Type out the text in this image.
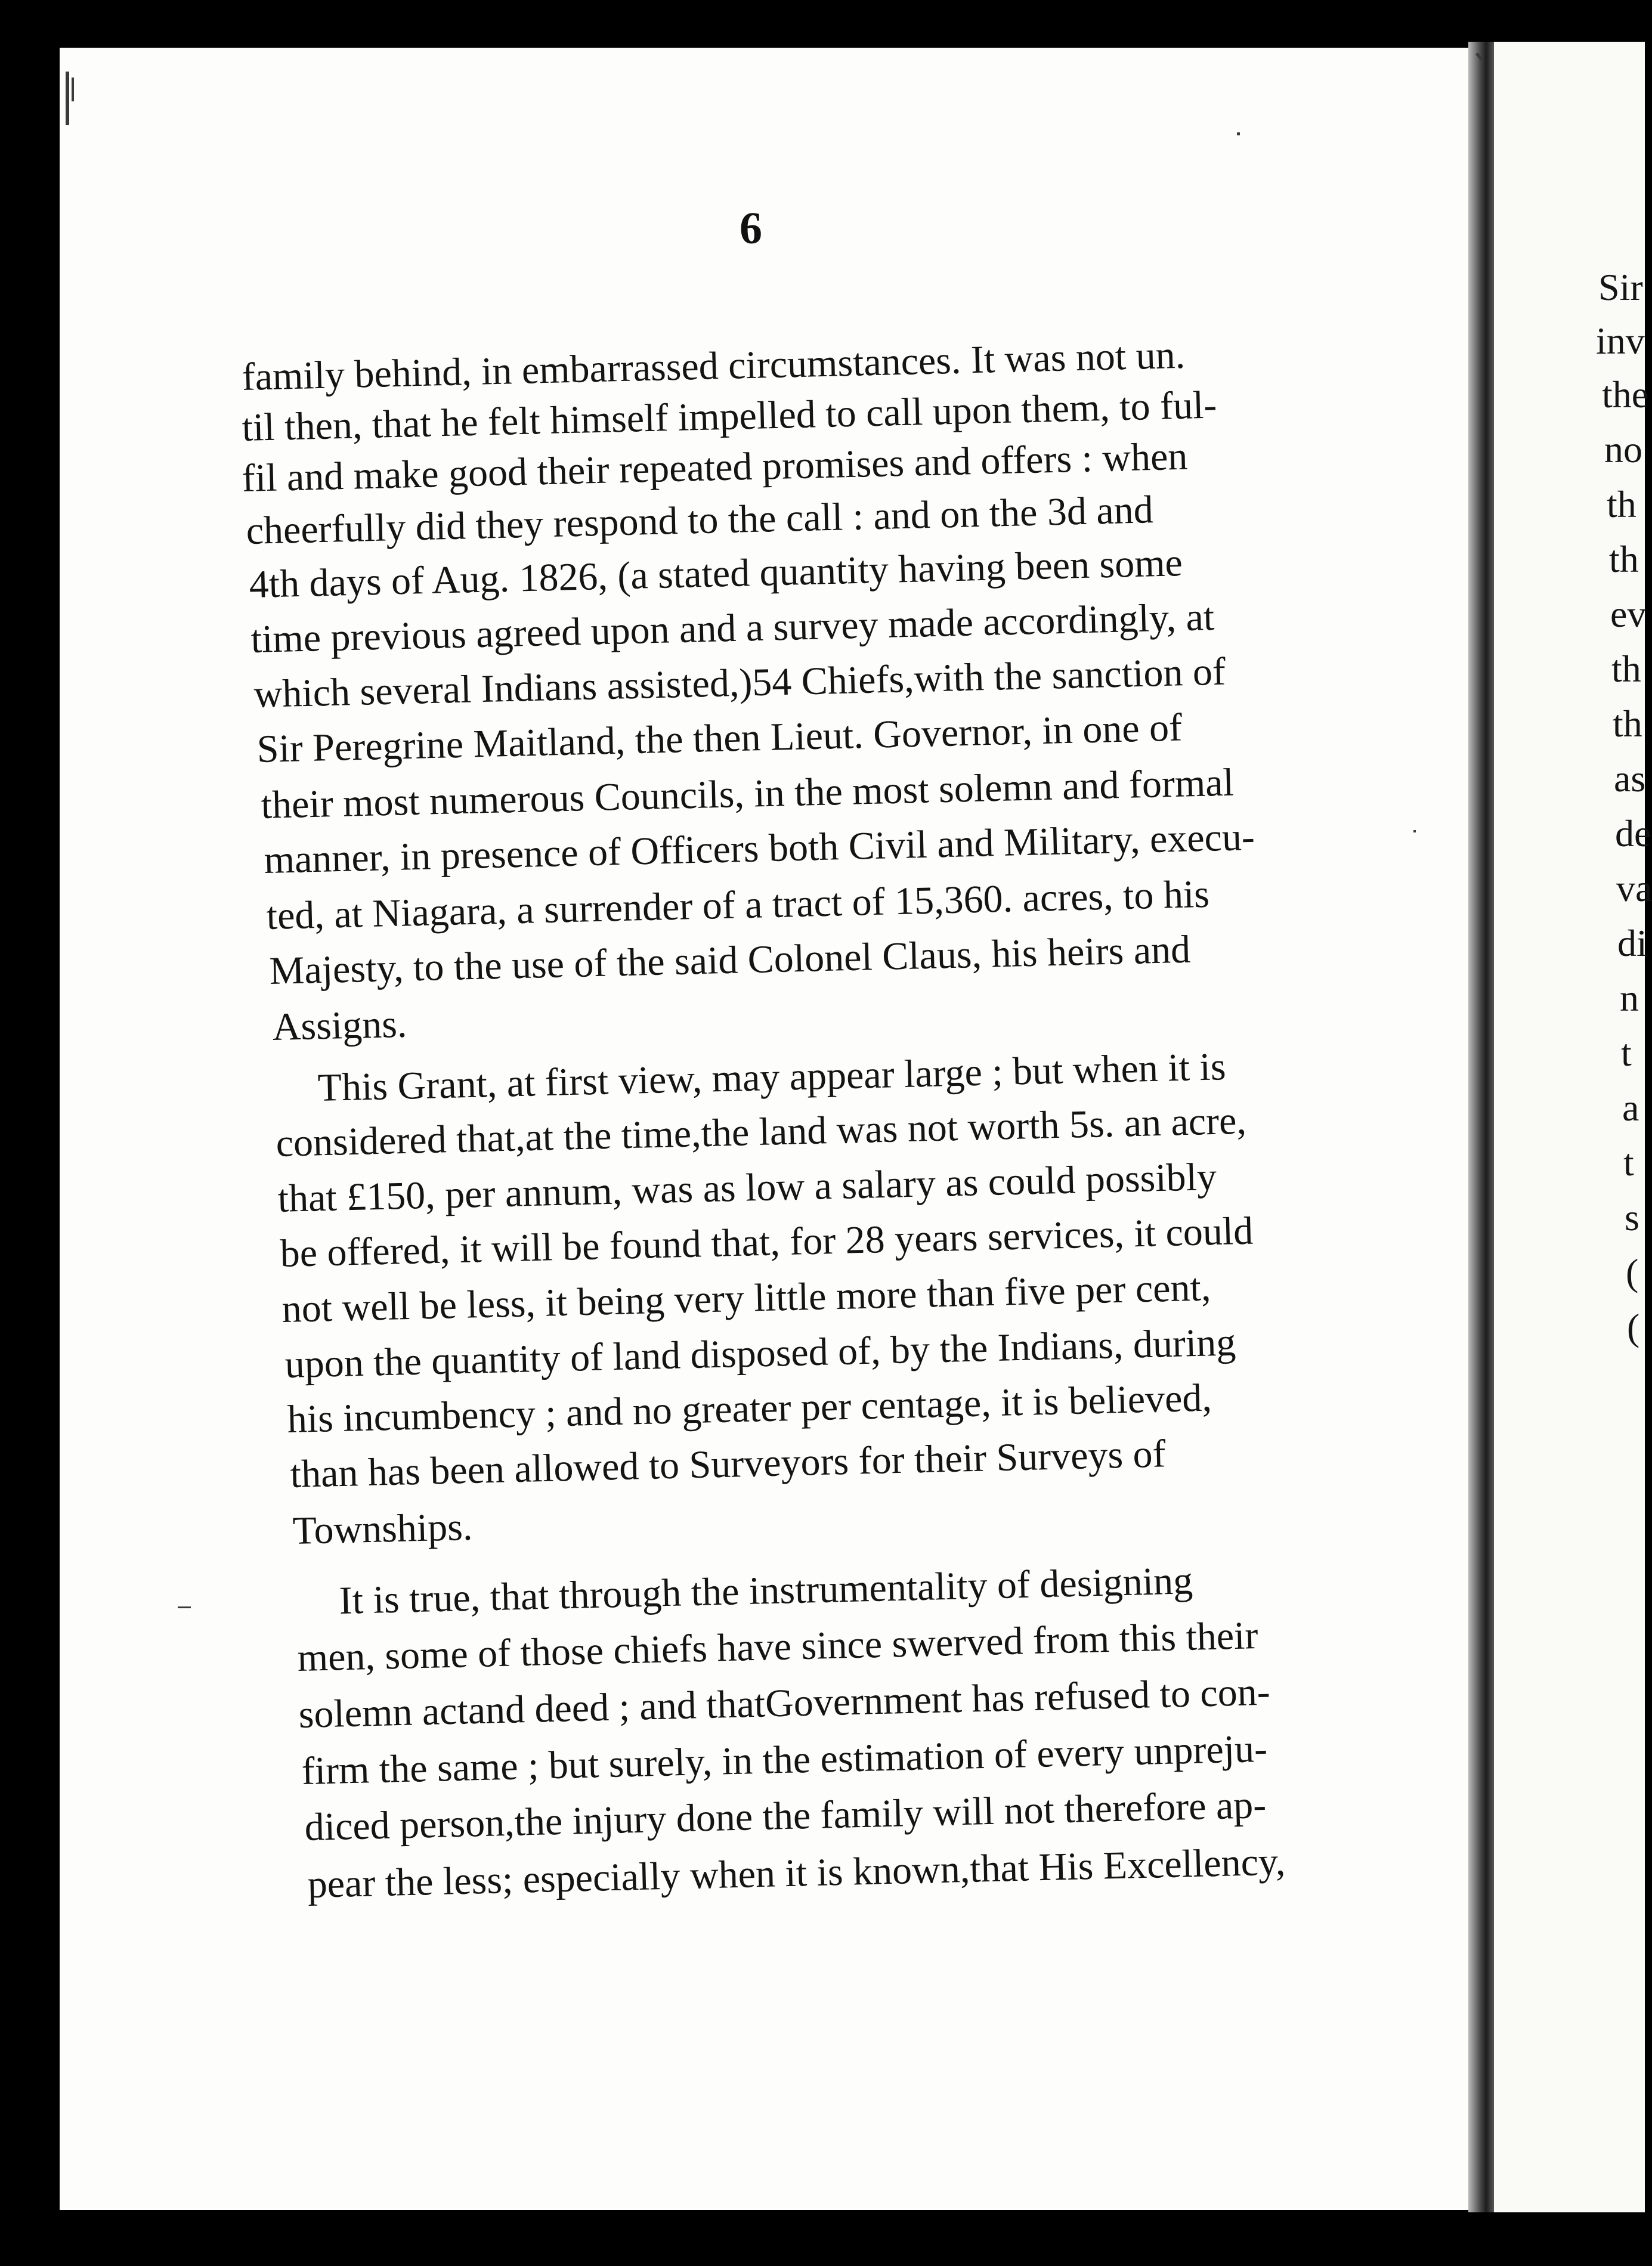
6
family behind, in embarrassed circumstances. It was not un.
til then, that he felt himself impelled to call upon them, to ful-
fil and make good their repeated promises and offers : when
cheerfully did they respond to the call : and on the 3d and
4th days of Aug. 1826, (a stated quantity having been some
time previous agreed upon and a survey made accordingly, at
which several Indians assisted,)54 Chiefs,with the sanction of
Sir Peregrine Maitland, the then Lieut. Governor, in one of
their most numerous Councils, in the most solemn and formal
manner, in presence of Officers both Civil and Military, execu-
ted, at Niagara, a surrender of a tract of 15,360. acres, to his
Majesty, to the use of the said Colonel Claus, his heirs and
Assigns.
This Grant, at first view, may appear large ; but when it is
considered that,at the time,the land was not worth 5s. an acre,
that £150, per annum, was as low a salary as could possibly
be offered, it will be found that, for 28 years services, it could
not well be less, it being very little more than five per cent,
upon the quantity of land disposed of, by the Indians, during
his incumbency ; and no greater per centage, it is believed,
than has been allowed to Surveyors for their Surveys of
Townships.
It is true, that through the instrumentality of designing
men, some of those chiefs have since swerved from this their
solemn actand deed ; and thatGovernment has refused to con-
firm the same ; but surely, in the estimation of every unpreju-
diced person,the injury done the family will not therefore ap-
pear the less; especially when it is known,that His Excellency,
Sir
inv
the
no
th
th
ev
th
th
as
de
va
di
n
t
a
t
s
(
(
